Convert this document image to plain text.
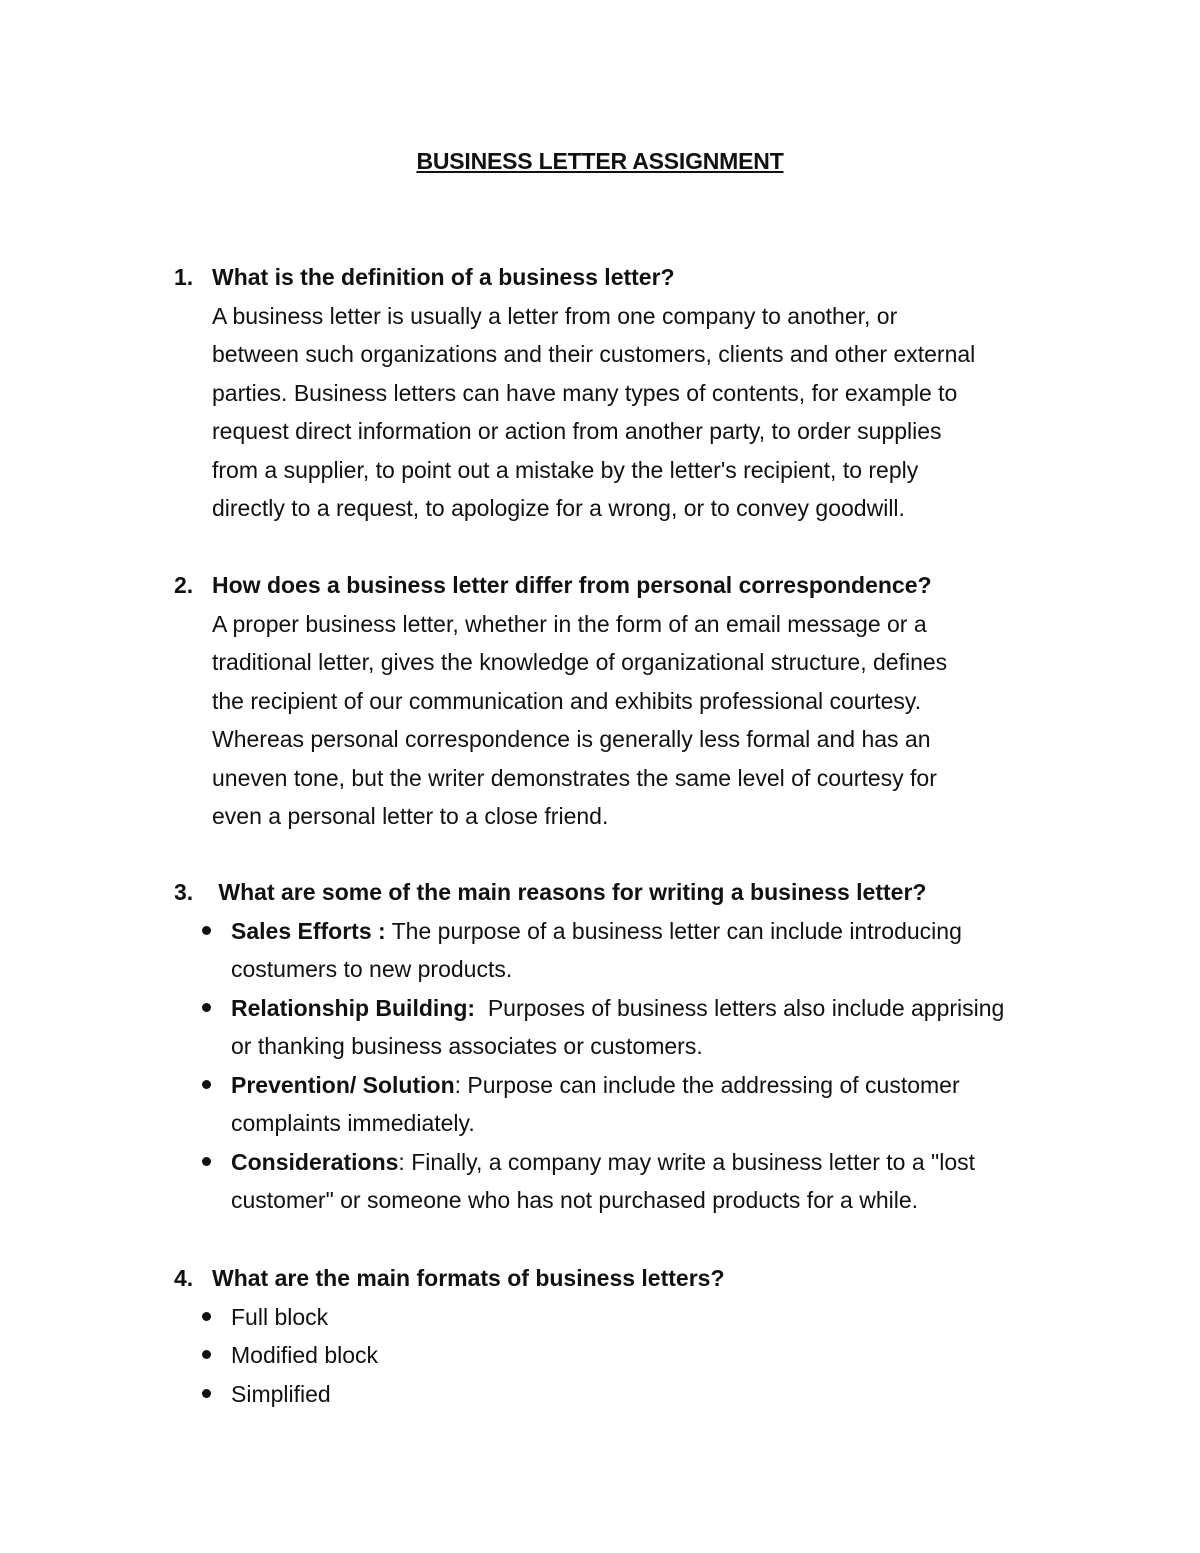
BUSINESS LETTER ASSIGNMENT
1. What is the definition of a business letter?

A business letter is usually a letter from one company to another, or

between such organizations and their customers, clients and other external

parties. Business letters can have many types of contents, for example to

request direct information or action from another party, to order supplies

from a supplier, to point out a mistake by the letter's recipient, to reply

directly to a request, to apologize for a wrong, or to convey goodwill.

2. How does a business letter differ from personal correspondence?

A proper business letter, whether in the form of an email message or a

traditional letter, gives the knowledge of organizational structure, defines

the recipient of our communication and exhibits professional courtesy.

Whereas personal correspondence is generally less formal and has an

uneven tone, but the writer demonstrates the same level of courtesy for

even a personal letter to a close friend.

3. What are some of the main reasons for writing a business letter?
Sales Efforts : The purpose of a business letter can include introducing
costumers to new products.
Relationship Building:  Purposes of business letters also include apprising
or thanking business associates or customers.
Prevention/ Solution: Purpose can include the addressing of customer
complaints immediately.
Considerations: Finally, a company may write a business letter to a "lost
customer" or someone who has not purchased products for a while.
4. What are the main formats of business letters?
Full block
Modified block
Simplified
